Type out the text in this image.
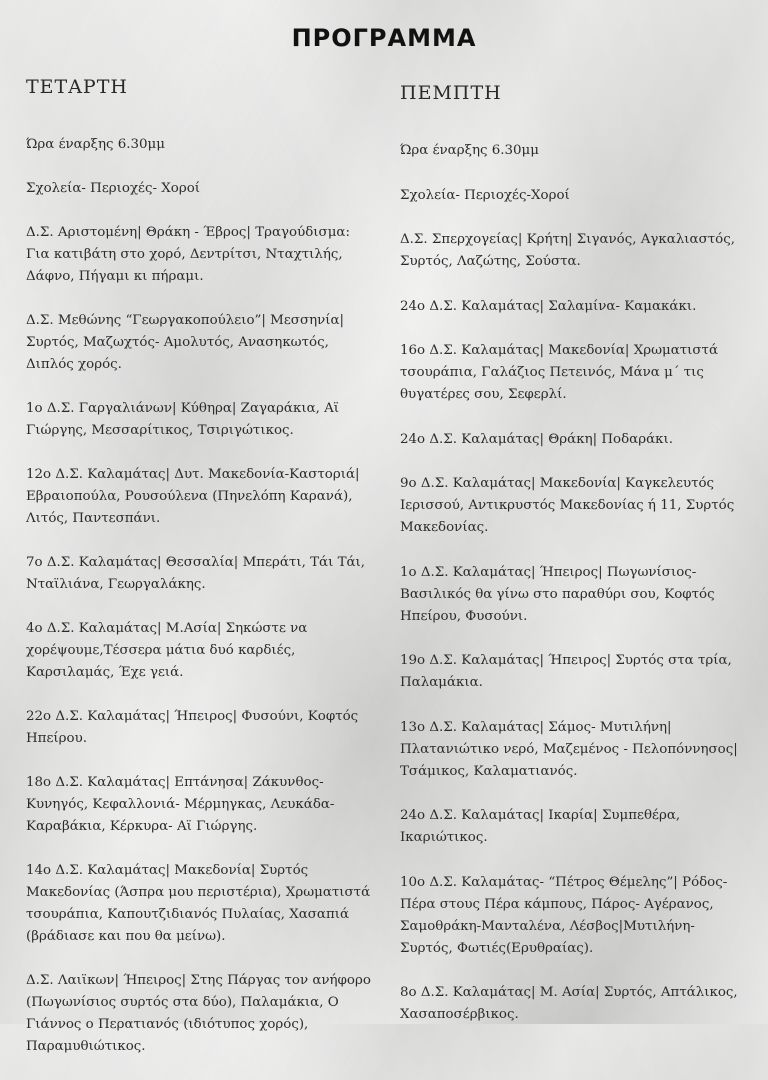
ΠΡΟΓΡΑΜΜΑ
ΤΕΤΑΡΤΗ

Ώρα έναρξης 6.30μμ

Σχολεία- Περιοχές- Χοροί

Δ.Σ. Αριστομένη| Θράκη - Έβρος| Τραγούδισμα: Για κατιβάτη στο χορό, Δεντρίτσι, Νταχτιλής, Δάφνο, Πήγαμι κι πήραμι.

Δ.Σ. Μεθώνης “Γεωργακοπούλειο”| Μεσσηνία| Συρτός, Μαζωχτός- Αμολυτός, Ανασηκωτός, Διπλός χορός.

1ο Δ.Σ. Γαργαλιάνων| Κύθηρα| Ζαγαράκια, Αϊ Γιώργης, Μεσσαρίτικος, Τσιριγώτικος.

12ο Δ.Σ. Καλαμάτας| Δυτ. Μακεδονία-Καστοριά| Εβραιοπούλα, Ρουσούλενα (Πηνελόπη Καρανά), Λιτός, Παντεσπάνι.

7ο Δ.Σ. Καλαμάτας| Θεσσαλία| Μπεράτι, Τάι Τάι, Νταϊλιάνα, Γεωργαλάκης.

4ο Δ.Σ. Καλαμάτας| Μ.Ασία| Σηκώστε να χορέψουμε,Τέσσερα μάτια δυό καρδιές, Καρσιλαμάς, Έχε γειά.

22ο Δ.Σ. Καλαμάτας| Ήπειρος| Φυσούνι, Κοφτός Ηπείρου.

18ο Δ.Σ. Καλαμάτας| Επτάνησα| Ζάκυνθος- Κυνηγός, Κεφαλλονιά- Μέρμηγκας, Λευκάδα- Καραβάκια, Κέρκυρα- Αϊ Γιώργης.

14ο Δ.Σ. Καλαμάτας| Μακεδονία| Συρτός Μακεδονίας (Άσπρα μου περιστέρια), Χρωματιστά τσουράπια, Καπουτζιδιανός Πυλαίας, Χασαπιά (βράδιασε και που θα μείνω).

Δ.Σ. Λαιϊκων| Ήπειρος| Στης Πάργας τον ανήφορο (Πωγωνίσιος συρτός στα δύο), Παλαμάκια, Ο Γιάννος ο Περατιανός (ιδιότυπος χορός), Παραμυθιώτικος.

ΠΕΜΠΤΗ

Ώρα έναρξης 6.30μμ

Σχολεία- Περιοχές-Χοροί

Δ.Σ. Σπερχογείας| Κρήτη| Σιγανός, Αγκαλιαστός, Συρτός, Λαζώτης, Σούστα.

24ο Δ.Σ. Καλαμάτας| Σαλαμίνα- Καμακάκι.

16ο Δ.Σ. Καλαμάτας| Μακεδονία| Χρωματιστά τσουράπια, Γαλάζιος Πετεινός, Μάνα μ΄ τις θυγατέρες σου, Σεφερλί.

24ο Δ.Σ. Καλαμάτας| Θράκη| Ποδαράκι.

9ο Δ.Σ. Καλαμάτας| Μακεδονία| Καγκελευτός Ιερισσού, Αντικρυστός Μακεδονίας ή 11, Συρτός Μακεδονίας.

1ο Δ.Σ. Καλαμάτας| Ήπειρος| Πωγωνίσιος- Βασιλικός θα γίνω στο παραθύρι σου, Κοφτός Ηπείρου, Φυσούνι.

19ο Δ.Σ. Καλαμάτας| Ήπειρος| Συρτός στα τρία, Παλαμάκια.

13ο Δ.Σ. Καλαμάτας| Σάμος- Μυτιλήνη|Πλατανιώτικο νερό, Μαζεμένος - Πελοπόννησος| Τσάμικος, Καλαματιανός.

24ο Δ.Σ. Καλαμάτας| Ικαρία| Συμπεθέρα, Ικαριώτικος.

10ο Δ.Σ. Καλαμάτας- “Πέτρος Θέμελης”| Ρόδος- Πέρα στους Πέρα κάμπους, Πάρος- Αγέρανος, Σαμοθράκη-Μανταλένα, Λέσβος|Μυτιλήνη- Συρτός, Φωτιές(Ερυθραίας).

8ο Δ.Σ. Καλαμάτας| Μ. Ασία| Συρτός, Απτάλικος, Χασαποσέρβικος.
